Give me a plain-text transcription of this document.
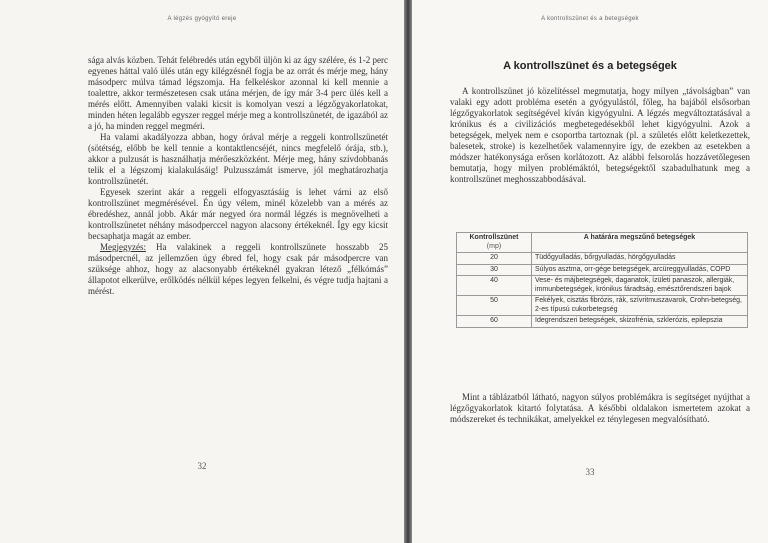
A légzés gyógyító ereje

sága alvás közben. Tehát felébredés után egyből üljön ki az ágy szélére, és 1-2 perc egyenes háttal való ülés után egy kilégzésnél fogja be az orrát és mérje meg, hány másodperc múlva támad légszomja. Ha felkeléskor azonnal ki kell mennie a toalettre, akkor természetesen csak utána mérjen, de így már 3-4 perc ülés kell a mérés előtt. Amennyiben valaki kicsit is komolyan veszi a légzőgyakorlatokat, minden héten legalább egyszer reggel mérje meg a kontrollszünetét, de igazából az a jó, ha minden reggel megméri.

Ha valami akadályozza abban, hogy órával mérje a reggeli kontrollszünetét (sötétség, előbb be kell tennie a kontaktlencséjét, nincs megfelelő órája, stb.), akkor a pulzusát is használhatja mérőeszközként. Mérje meg, hány szívdobbanás telik el a légszomj kialakulásáig! Pulzusszámát ismerve, jól meghatározhatja kontrollszünetét.

Egyesek szerint akár a reggeli elfogyasztásáig is lehet várni az első kontrollszünet megmérésével. Én úgy vélem, minél közelebb van a mérés az ébredéshez, annál jobb. Akár már negyed óra normál légzés is megnövelheti a kontrollszünetet néhány másodperccel nagyon alacsony értékeknél. Így egy kicsit becsaphatja magát az ember.

Megjegyzés: Ha valakinek a reggeli kontrollszünete hosszabb 25 másodpercnél, az jellemzően úgy ébred fel, hogy csak pár másodpercre van szüksége ahhoz, hogy az alacsonyabb értékeknél gyakran létező „félkómás” állapotot elkerülve, erőlködés nélkül képes legyen felkelni, és végre tudja hajtani a mérést.

32
A kontrollszünet és a betegségek
A kontrollszünet és a betegségek

A kontrollszünet jó közelítéssel megmutatja, hogy milyen „távolságban” van valaki egy adott probléma esetén a gyógyulástól, főleg, ha bajából elsősorban légzőgyakorlatok segítségével kíván kigyógyulni. A légzés megváltoztatásával a krónikus és a civilizációs megbetegedésekből lehet kigyógyulni. Azok a betegségek, melyek nem e csoportba tartoznak (pl. a születés előtt keletkezettek, balesetek, stroke) is kezelhetőek valamennyire így, de ezekben az esetekben a módszer hatékonysága erősen korlátozott. Az alábbi felsorolás hozzávetőlegesen bemutatja, hogy milyen problémáktól, betegségektől szabadulhatunk meg a kontrollszünet meghosszabbodásával.

Kontrollszünet
(mp)	A határára megszűnő betegségek
20	Tüdőgyulladás, bőrgyulladás, hörgőgyulladás
30	Súlyos asztma, orr-gége betegségek, arcüreggyulladás, COPD
40	Vese- és májbetegségek, daganatok, ízületi panaszok, allergiák, immunbetegségek, krónikus fáradtság, emésztőrendszeri bajok
50	Fekélyek, cisztás fibrózis, rák, szívritmuszavarok, Crohn-betegség, 2-es típusú cukorbetegség
60	Idegrendszeri betegségek, skizofrénia, szklerózis, epilepszia

Mint a táblázatból látható, nagyon súlyos problémákra is segítséget nyújthat a légzőgyakorlatok kitartó folytatása. A későbbi oldalakon ismertetem azokat a módszereket és technikákat, amelyekkel ez ténylegesen megvalósítható.

33
